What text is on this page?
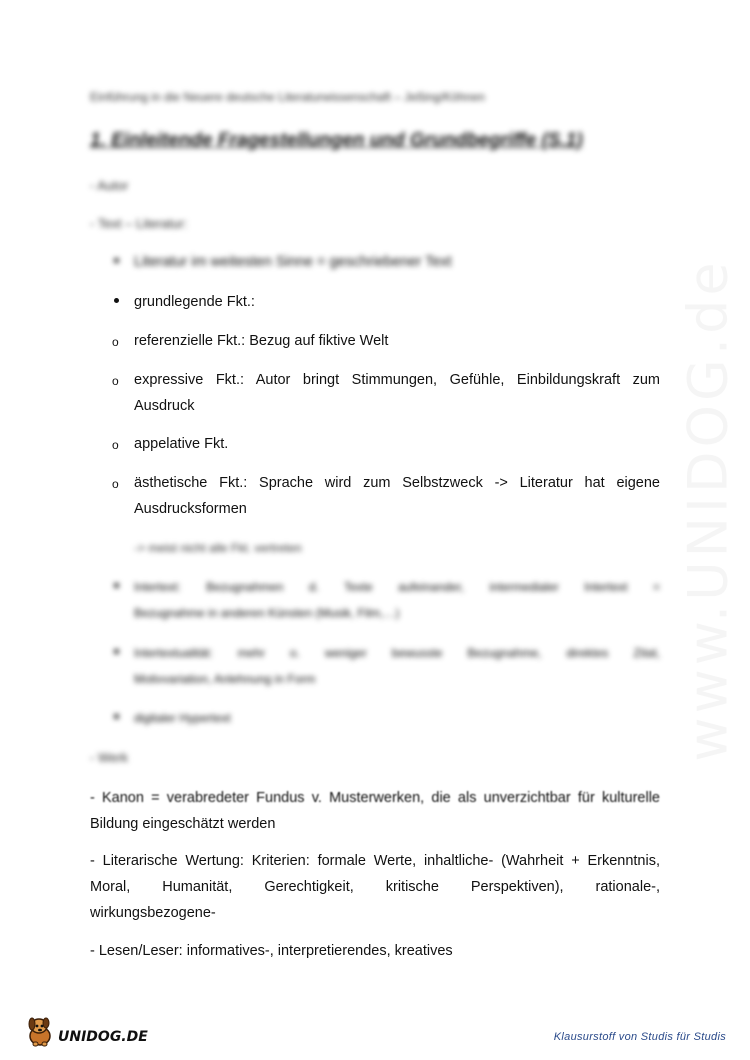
www.UNIDOG.de
Einführung in die Neuere deutsche Literaturwissenschaft – Jeßing/Köhnen
1. Einleitende Fragestellungen und Grundbegriffe (S.1)
- Autor
- Text – Literatur:
Literatur im weitesten Sinne = geschriebener Text
grundlegende Fkt.:
o	referenzielle Fkt.: Bezug auf fiktive Welt
o	expressive Fkt.: Autor bringt Stimmungen, Gefühle, Einbildungskraft zum
Ausdruck
o	appelative Fkt.
o	ästhetische Fkt.: Sprache wird zum Selbstzweck -> Literatur hat eigene
Ausdrucksformen
-> meist nicht alle Fkt. vertreten
Intertext: Bezugnahmen d. Texte aufeinander, intermedialer Intertext =
Bezugnahme in anderen Künsten (Musik, Film,…)
Intertextualität: mehr o. weniger bewusste Bezugnahme, direktes Zitat,
Motivvariation, Anlehnung in Form
digitaler Hypertext
- Werk
- Kanon = verabredeter Fundus v. Musterwerken, die als unverzichtbar für kulturelle
Bildung eingeschätzt werden
- Literarische Wertung: Kriterien: formale Werte, inhaltliche- (Wahrheit + Erkenntnis,
Moral, Humanität, Gerechtigkeit, kritische Perspektiven), rationale-,
wirkungsbezogene-
- Lesen/Leser: informatives-, interpretierendes, kreatives
UNIDOG.DE	Klausurstoff von Studis für Studis
